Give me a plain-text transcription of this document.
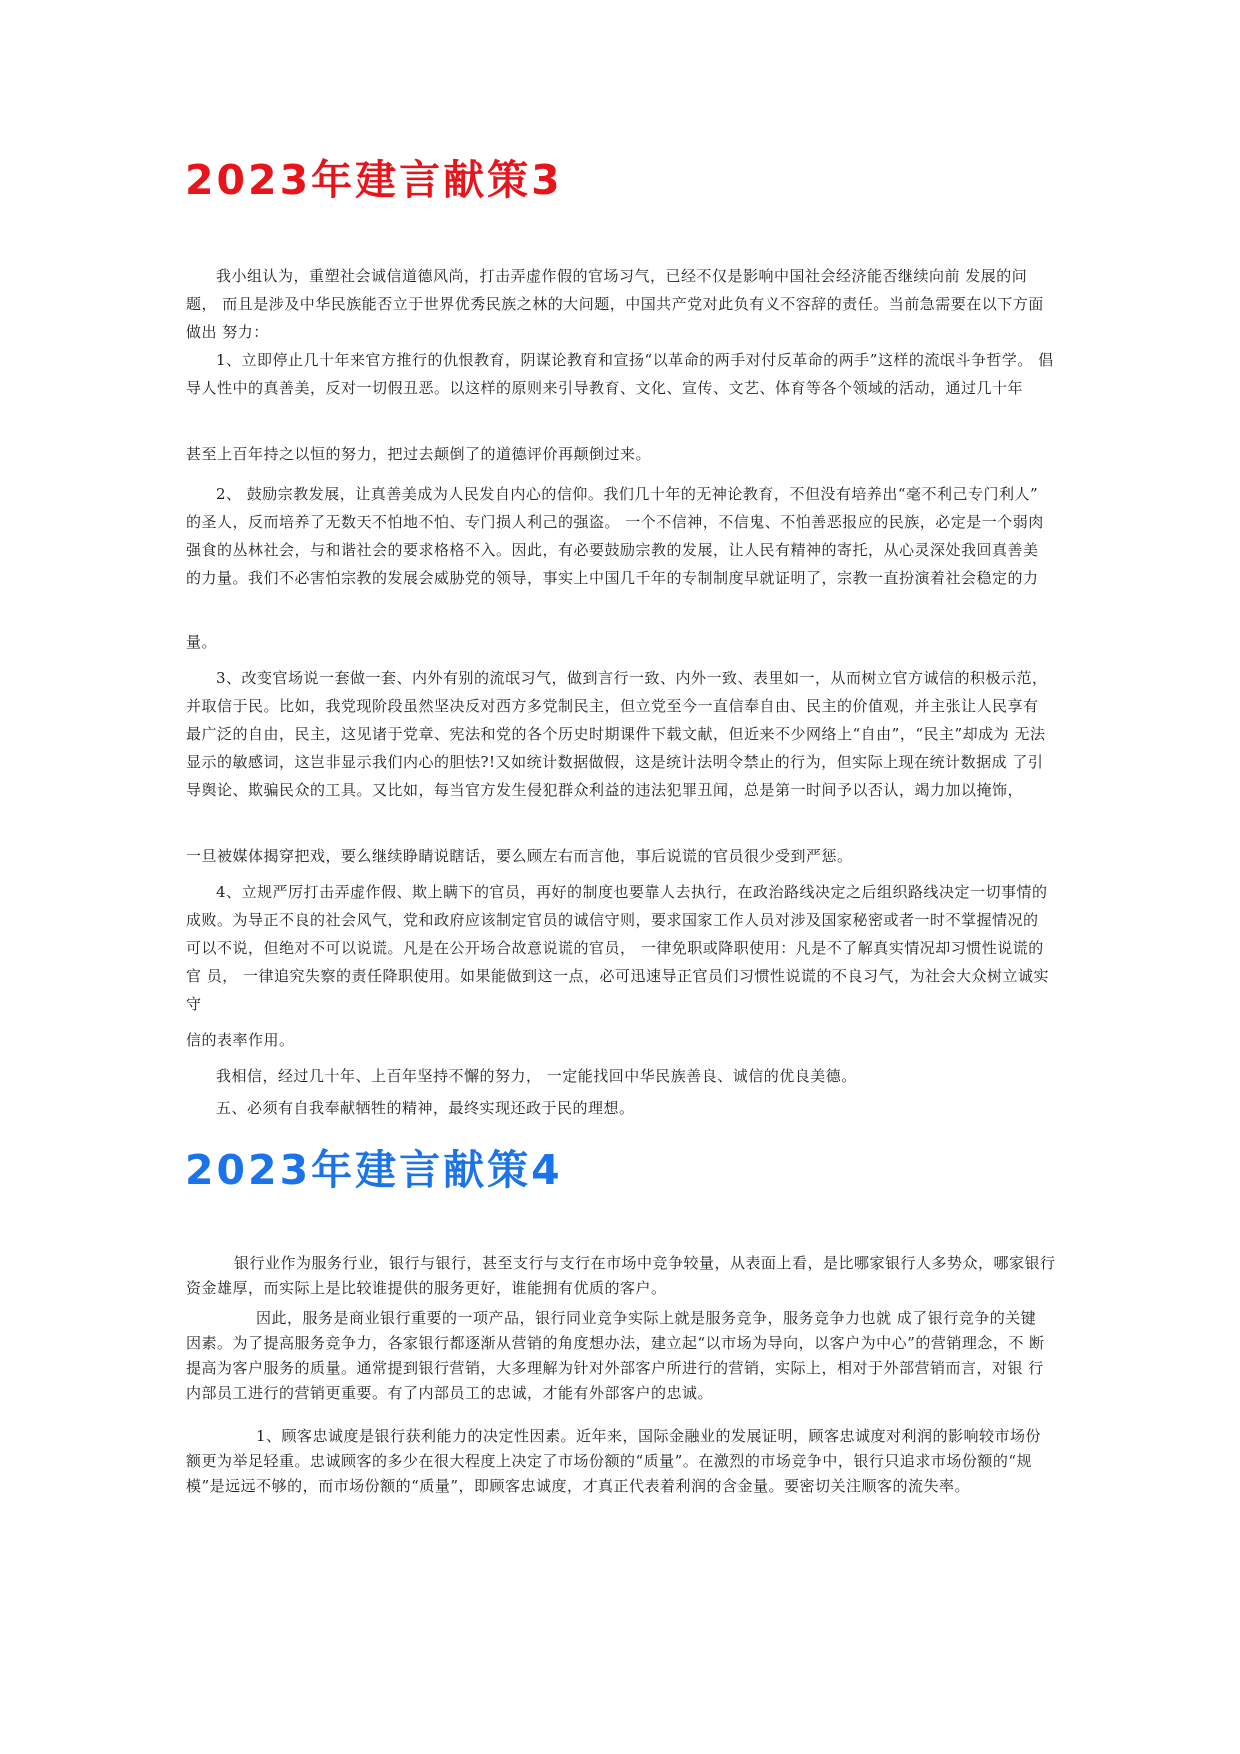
2023年建言献策3

我小组认为，重塑社会诚信道德风尚，打击弄虚作假的官场习气，已经不仅是影响中国社会经济能否继续向前 发展的问题， 而且是涉及中华民族能否立于世界优秀民族之林的大问题，中国共产党对此负有义不容辞的责任。当前急需要在以下方面做出 努力：

1、立即停止几十年来官方推行的仇恨教育，阴谋论教育和宣扬“以革命的两手对付反革命的两手”这样的流氓斗争哲学。 倡导人性中的真善美，反对一切假丑恶。以这样的原则来引导教育、文化、宣传、文艺、体育等各个领域的活动，通过几十年

甚至上百年持之以恒的努力，把过去颠倒了的道德评价再颠倒过来。

2、 鼓励宗教发展，让真善美成为人民发自内心的信仰。我们几十年的无神论教育，不但没有培养出“毫不利己专门利人” 的圣人，反而培养了无数天不怕地不怕、专门损人利己的强盗。 一个不信神，不信鬼、不怕善恶报应的民族，必定是一个弱肉 强食的丛林社会，与和谐社会的要求格格不入。因此，有必要鼓励宗教的发展，让人民有精神的寄托，从心灵深处我回真善美 的力量。我们不必害怕宗教的发展会威胁党的领导，事实上中国几千年的专制制度早就证明了，宗教一直扮演着社会稳定的力

量。

3、改变官场说一套做一套、内外有别的流氓习气，做到言行一致、内外一致、表里如一，从而树立官方诚信的积极示范， 并取信于民。比如，我党现阶段虽然坚决反对西方多党制民主，但立党至今一直信奉自由、民主的价值观，并主张让人民享有 最广泛的自由，民主，这见诸于党章、宪法和党的各个历史时期课件下载文献，但近来不少网络上“自由”，“民主”却成为 无法显示的敏感词，这岂非显示我们内心的胆怯?!又如统计数据做假，这是统计法明令禁止的行为，但实际上现在统计数据成 了引导舆论、欺骗民众的工具。又比如，每当官方发生侵犯群众利益的违法犯罪丑闻，总是第一时间予以否认，竭力加以掩饰，

一旦被媒体揭穿把戏，要么继续睁睛说瞎话，要么顾左右而言他，事后说谎的官员很少受到严惩。

4、立规严厉打击弄虚作假、欺上瞒下的官员，再好的制度也要靠人去执行，在政治路线决定之后组织路线决定一切事情的 成败。为导正不良的社会风气，党和政府应该制定官员的诚信守则，要求国家工作人员对涉及国家秘密或者一时不掌握情况的 可以不说，但绝对不可以说谎。凡是在公开场合故意说谎的官员， 一律免职或降职使用：凡是不了解真实情况却习惯性说谎的官 员， 一律追究失察的责任降职使用。如果能做到这一点，必可迅速导正官员们习惯性说谎的不良习气，为社会大众树立诚实守

信的表率作用。

我相信，经过几十年、上百年坚持不懈的努力， 一定能找回中华民族善良、诚信的优良美德。

五、必须有自我奉献牺牲的精神，最终实现还政于民的理想。

2023年建言献策4

银行业作为服务行业，银行与银行，甚至支行与支行在市场中竞争较量，从表面上看，是比哪家银行人多势众，哪家银行资金雄厚，而实际上是比较谁提供的服务更好，谁能拥有优质的客户。

因此，服务是商业银行重要的一项产品，银行同业竞争实际上就是服务竞争，服务竞争力也就 成了银行竞争的关键 因素。为了提高服务竞争力，各家银行都逐渐从营销的角度想办法，建立起“以市场为导向，以客户为中心”的营销理念，不 断提高为客户服务的质量。通常提到银行营销，大多理解为针对外部客户所进行的营销，实际上，相对于外部营销而言，对银 行内部员工进行的营销更重要。有了内部员工的忠诚，才能有外部客户的忠诚。

1、顾客忠诚度是银行获利能力的决定性因素。近年来，国际金融业的发展证明，顾客忠诚度对利润的影响较市场份 额更为举足轻重。忠诚顾客的多少在很大程度上决定了市场份额的“质量”。在激烈的市场竞争中，银行只追求市场份额的“规 模”是远远不够的，而市场份额的“质量”，即顾客忠诚度，才真正代表着利润的含金量。要密切关注顺客的流失率。
